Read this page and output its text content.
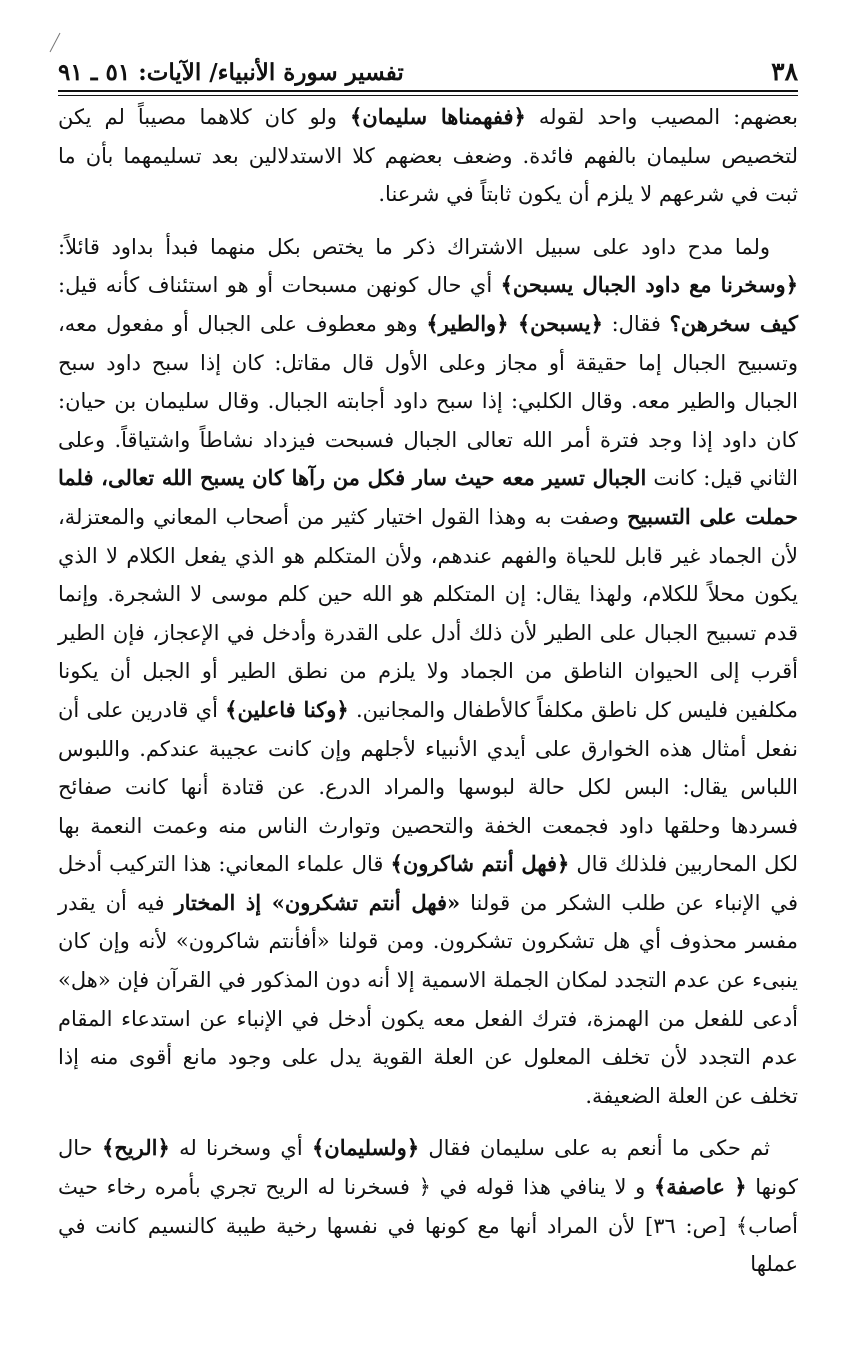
٣٨
تفسير سورة الأنبياء/ الآيات: ٥١ ـ ٩١

بعضهم: المصيب واحد لقوله ﴿ففهمناها سليمان﴾ ولو كان كلاهما مصيباً لم يكن لتخصيص سليمان بالفهم فائدة. وضعف بعضهم كلا الاستدلالين بعد تسليمهما بأن ما ثبت في شرعهم لا يلزم أن يكون ثابتاً في شرعنا.

ولما مدح داود على سبيل الاشتراك ذكر ما يختص بكل منهما فبدأ بداود قائلاً: ﴿وسخرنا مع داود الجبال يسبحن﴾ أي حال كونهن مسبحات أو هو استئناف كأنه قيل: كيف سخرهن؟ فقال: ﴿يسبحن﴾ ﴿والطير﴾ وهو معطوف على الجبال أو مفعول معه، وتسبيح الجبال إما حقيقة أو مجاز وعلى الأول قال مقاتل: كان إذا سبح داود سبح الجبال والطير معه. وقال الكلبي: إذا سبح داود أجابته الجبال. وقال سليمان بن حيان: كان داود إذا وجد فترة أمر الله تعالى الجبال فسبحت فيزداد نشاطاً واشتياقاً. وعلى الثاني قيل: كانت الجبال تسير معه حيث سار فكل من رآها كان يسبح الله تعالى، فلما حملت على التسبيح وصفت به وهذا القول اختيار كثير من أصحاب المعاني والمعتزلة، لأن الجماد غير قابل للحياة والفهم عندهم، ولأن المتكلم هو الذي يفعل الكلام لا الذي يكون محلاً للكلام، ولهذا يقال: إن المتكلم هو الله حين كلم موسى لا الشجرة. وإنما قدم تسبيح الجبال على الطير لأن ذلك أدل على القدرة وأدخل في الإعجاز، فإن الطير أقرب إلى الحيوان الناطق من الجماد ولا يلزم من نطق الطير أو الجبل أن يكونا مكلفين فليس كل ناطق مكلفاً كالأطفال والمجانين. ﴿وكنا فاعلين﴾ أي قادرين على أن نفعل أمثال هذه الخوارق على أيدي الأنبياء لأجلهم وإن كانت عجيبة عندكم. واللبوس اللباس يقال: البس لكل حالة لبوسها والمراد الدرع. عن قتادة أنها كانت صفائح فسردها وحلقها داود فجمعت الخفة والتحصين وتوارث الناس منه وعمت النعمة بها لكل المحاربين فلذلك قال ﴿فهل أنتم شاكرون﴾ قال علماء المعاني: هذا التركيب أدخل في الإنباء عن طلب الشكر من قولنا «فهل أنتم تشكرون» إذ المختار فيه أن يقدر مفسر محذوف أي هل تشكرون تشكرون. ومن قولنا «أفأنتم شاكرون» لأنه وإن كان ينبىء عن عدم التجدد لمكان الجملة الاسمية إلا أنه دون المذكور في القرآن فإن «هل» أدعى للفعل من الهمزة، فترك الفعل معه يكون أدخل في الإنباء عن استدعاء المقام عدم التجدد لأن تخلف المعلول عن العلة القوية يدل على وجود مانع أقوى منه إذا تخلف عن العلة الضعيفة.

ثم حكى ما أنعم به على سليمان فقال ﴿ولسليمان﴾ أي وسخرنا له ﴿الريح﴾ حال كونها ﴿ عاصفة﴾ و لا ينافي هذا قوله في ﴿ فسخرنا له الريح تجري بأمره رخاء حيث أصاب﴾ [ص: ٣٦] لأن المراد أنها مع كونها في نفسها رخية طيبة كالنسيم كانت في عملها
